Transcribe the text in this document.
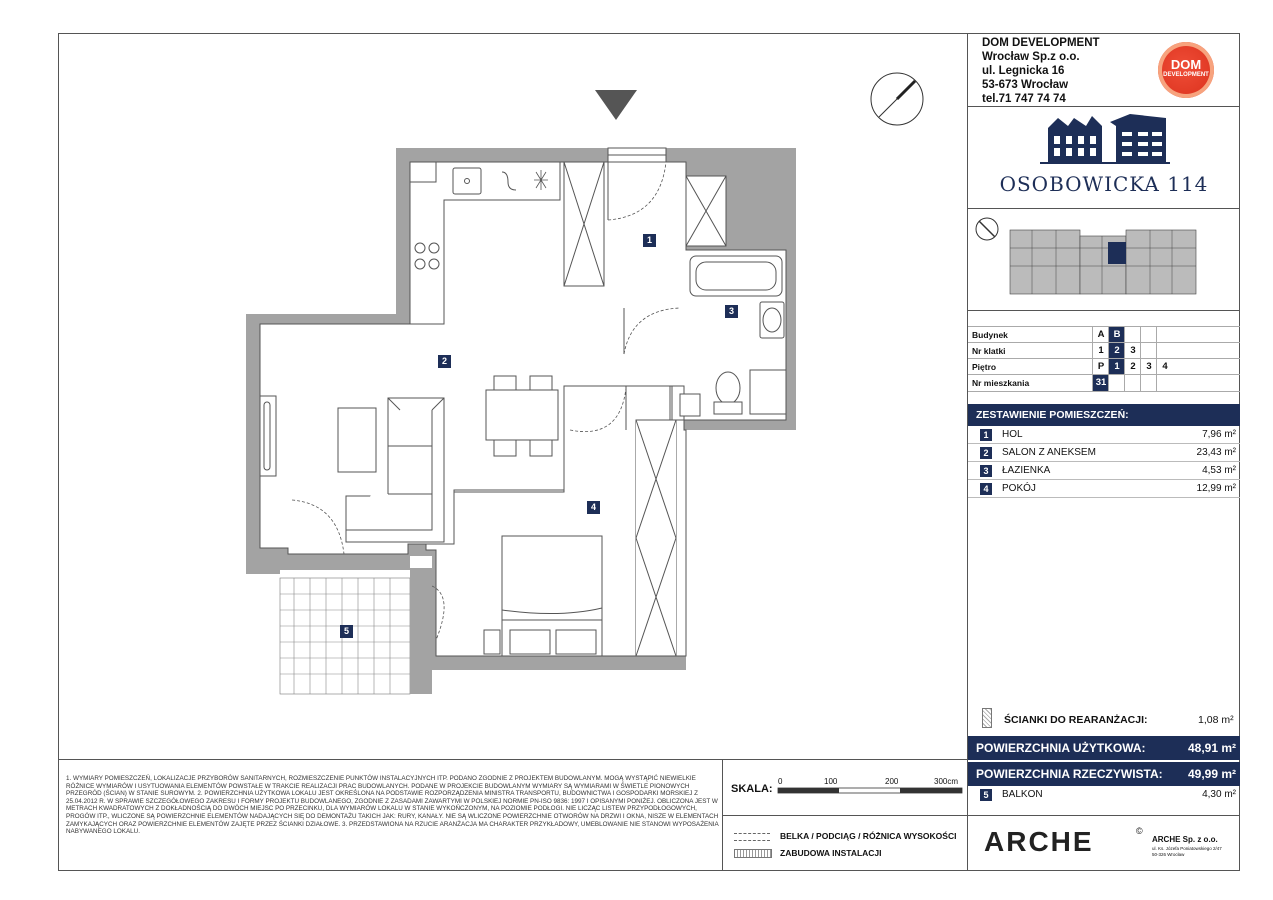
DOM DEVELOPMENT
Wrocław Sp.z o.o.
ul. Legnicka 16
53-673 Wrocław
tel.71 747 74 74
DOM
DEVELOPMENT
OSOBOWICKA 114
Budynek	A B
Nr klatki	1	2	3
Piętro	P	1	2	3	4
Nr mieszkania	31
ZESTAWIENIE POMIESZCZEŃ:
1	HOL	7,96 m²
2	SALON Z ANEKSEM	23,43 m²
3	ŁAZIENKA	4,53 m²
4	POKÓJ	12,99 m²
ŚCIANKI DO REARANŻACJI:	1,08 m²
POWIERZCHNIA UŻYTKOWA:	48,91 m²
POWIERZCHNIA RZECZYWISTA: 49,99 m²
5	BALKON	4,30 m²
1. WYMIARY POMIESZCZEŃ, LOKALIZACJE PRZYBORÓW SANITARNYCH, ROZMIESZCZENIE PUNKTÓW INSTALACYJNYCH ITP. PODANO ZGODNIE Z PROJEKTEM BUDOWLANYM. MOGĄ WYSTĄPIĆ NIEWIELKIE RÓŻNICE WYMIARÓW I USYTUOWANIA ELEMENTÓW POWSTAŁE W TRAKCIE REALIZACJI PRAC BUDOWLANYCH. PODANE W PROJEKCIE BUDOWLANYM WYMIARY SĄ WYMIARAMI W ŚWIETLE PIONOWYCH PRZEGRÓD (ŚCIAN) W STANIE SUROWYM. 2. POWIERZCHNIA UŻYTKOWA LOKALU JEST OKREŚLONA NA PODSTAWIE ROZPORZĄDZENIA MINISTRA TRANSPORTU, BUDOWNICTWA I GOSPODARKI MORSKIEJ Z 25.04.2012 R. W SPRAWIE SZCZEGÓŁOWEGO ZAKRESU I FORMY PROJEKTU BUDOWLANEGO, ZGODNIE Z ZASADAMI ZAWARTYMI W POLSKIEJ NORMIE PN-ISO 9836: 1997 I OPISANYMI PONIŻEJ. OBLICZONA JEST W METRACH KWADRATOWYCH Z DOKŁADNOŚCIĄ DO DWÓCH MIEJSC PO PRZECINKU, DLA WYMIARÓW LOKALU W STANIE WYKOŃCZONYM, NA POZIOMIE PODŁOGI. NIE LICZĄC LISTEW PRZYPODŁOGOWYCH, PROGÓW ITP., WLICZONE SĄ POWIERZCHNIE ELEMENTÓW NADAJĄCYCH SIĘ DO DEMONTAŻU TAKICH JAK: RURY, KANAŁY. NIE SĄ WLICZONE POWIERZCHNIE OTWORÓW NA DRZWI I OKNA, NISZE W ELEMENTACH ZAMYKAJĄCYCH ORAZ POWIERZCHNIE ELEMENTÓW ZAJĘTE PRZEZ ŚCIANKI DZIAŁOWE. 3. PRZEDSTAWIONA NA RZUCIE ARANŻACJA MA CHARAKTER PRZYKŁADOWY, UMEBLOWANIE NIE STANOWI WYPOSAŻENIA NABYWANEGO LOKALU.
SKALA:
0	100	200	300cm
BELKA / PODCIĄG / RÓŻNICA WYSOKOŚCI
ZABUDOWA INSTALACJI	ARCHE	©
ARCHE Sp. z o.o.
ul. Ks. Józefa Poniatowskiego 2/47
50-326 Wrocław
1
2
3
4
5
